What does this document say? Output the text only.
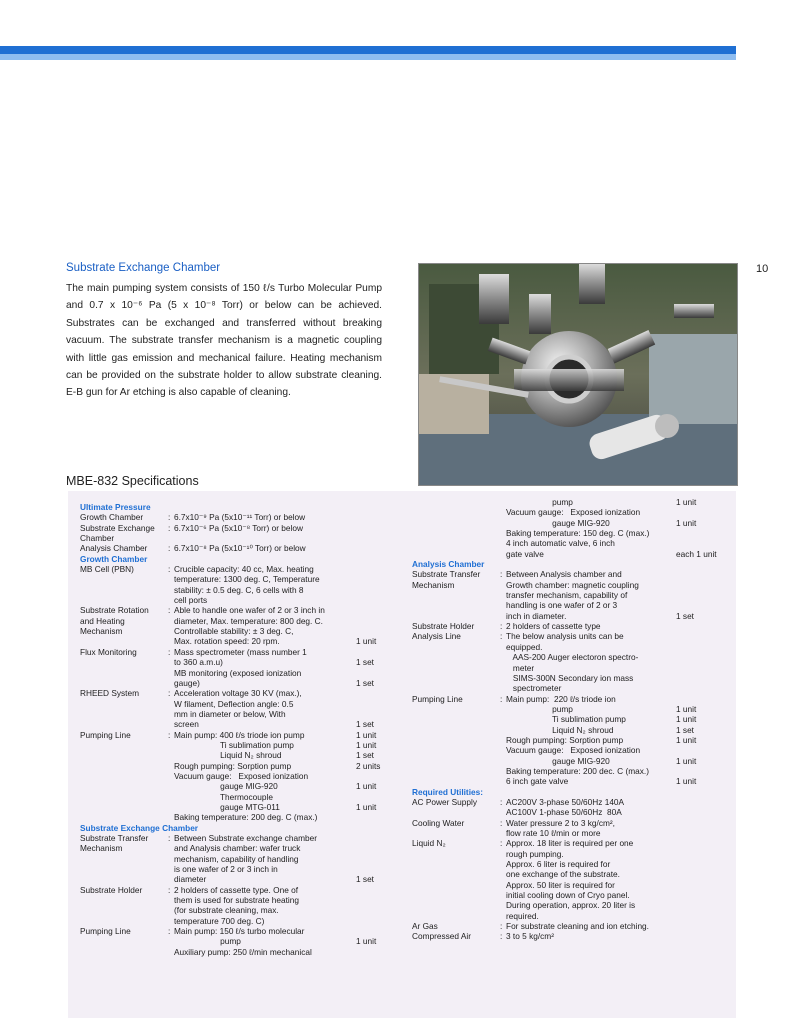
10
Substrate Exchange Chamber
The main pumping system consists of 150 ℓ/s Turbo Molecular Pump and 0.7 x 10⁻⁶ Pa (5 x 10⁻⁸ Torr) or below can be achieved. Substrates can be exchanged and transferred without breaking vacuum. The substrate transfer mechanism is a magnetic coupling with little gas emission and mechanical failure. Heating mechanism can be provided on the substrate holder to allow substrate cleaning. E-B gun for Ar etching is also capable of cleaning.
MBE-832 Specifications
Ultimate Pressure
Growth Chamber	: 6.7x10⁻⁹ Pa (5x10⁻¹¹ Torr) or below
Substrate Exchange	: 6.7x10⁻⁶ Pa (5x10⁻⁸ Torr) or below
Chamber
Analysis Chamber	: 6.7x10⁻⁸ Pa (5x10⁻¹⁰ Torr) or below
Growth Chamber
MB Cell (PBN)	: Crucible capacity: 40 cc, Max. heating
temperature: 1300 deg. C, Temperature
stability: ± 0.5 deg. C, 6 cells with 8
cell ports
Substrate Rotation	: Able to handle one wafer of 2 or 3 inch in
and Heating	diameter, Max. temperature: 800 deg. C.
Mechanism	Controllable stability: ± 3 deg. C,
Max. rotation speed: 20 rpm.	1 unit
Flux Monitoring	: Mass spectrometer (mass number 1
to 360 a.m.u)	1 set
MB monitoring (exposed ionization
gauge)	1 set
RHEED System	: Acceleration voltage 30 KV (max.),
W filament, Deflection angle: 0.5
mm in diameter or below, With
screen	1 set
Pumping Line	: Main pump: 400 ℓ/s triode ion pump	1 unit
Ti sublimation pump	1 unit
Liquid N₂ shroud	1 set
Rough pumping: Sorption pump	2 units
Vacuum gauge:   Exposed ionization
gauge MIG-920	1 unit
Thermocouple
gauge MTG-011	1 unit
Baking temperature: 200 deg. C (max.)
Substrate Exchange Chamber
Substrate Transfer	: Between Substrate exchange chamber
Mechanism	and Analysis chamber: wafer truck
mechanism, capability of handling
is one wafer of 2 or 3 inch in
diameter	1 set
Substrate Holder	: 2 holders of cassette type. One of
them is used for substrate heating
(for substrate cleaning, max.
temperature 700 deg. C)
Pumping Line	: Main pump: 150 ℓ/s turbo molecular
pump	1 unit
Auxiliary pump: 250 ℓ/min mechanical
pump	1 unit
Vacuum gauge:   Exposed ionization
gauge MIG-920	1 unit
Baking temperature: 150 deg. C (max.)
4 inch automatic valve, 6 inch
gate valve	each 1 unit
Analysis Chamber
Substrate Transfer	: Between Analysis chamber and
Mechanism	Growth chamber: magnetic coupling
transfer mechanism, capability of
handling is one wafer of 2 or 3
inch in diameter.	1 set
Substrate Holder	: 2 holders of cassette type
Analysis Line	: The below analysis units can be
equipped.
AAS-200 Auger electoron spectro-
meter
SIMS-300N Secondary ion mass
spectrometer
Pumping Line	: Main pump:  220 ℓ/s triode ion
pump	1 unit
Ti sublimation pump	1 unit
Liquid N₂ shroud	1 set
Rough pumping: Sorption pump	1 unit
Vacuum gauge:   Exposed ionization
gauge MIG-920	1 unit
Baking temperature: 200 dec. C (max.)
6 inch gate valve	1 unit
Required Utilities:
AC Power Supply	: AC200V 3-phase 50/60Hz 140A
AC100V 1-phase 50/60Hz  80A
Cooling Water	: Water pressure 2 to 3 kg/cm²,
flow rate 10 ℓ/min or more
Liquid N₂	: Approx. 18 liter is required per one
rough pumping.
Approx. 6 liter is required for
one exchange of the substrate.
Approx. 50 liter is required for
initial cooling down of Cryo panel.
During operation, approx. 20 liter is
required.
Ar Gas	: For substrate cleaning and ion etching.
Compressed Air	: 3 to 5 kg/cm²
